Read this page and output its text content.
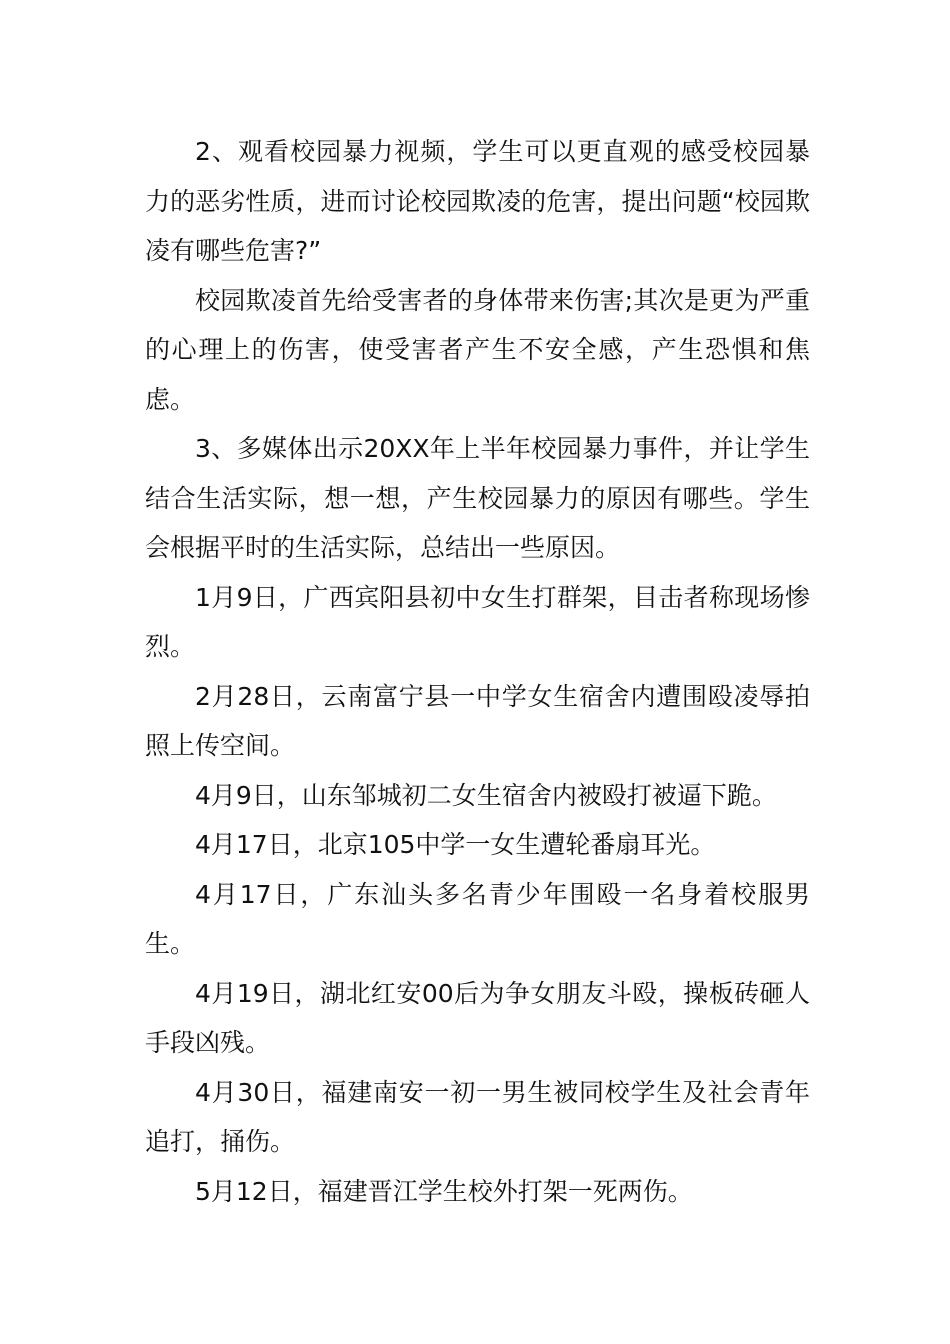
2、观看校园暴力视频，学生可以更直观的感受校园暴力的恶劣性质，进而讨论校园欺凌的危害，提出问题“校园欺凌有哪些危害?”

校园欺凌首先给受害者的身体带来伤害;其次是更为严重的心理上的伤害，使受害者产生不安全感，产生恐惧和焦虑。

3、多媒体出示20XX年上半年校园暴力事件，并让学生结合生活实际，想一想，产生校园暴力的原因有哪些。学生会根据平时的生活实际，总结出一些原因。

1月9日，广西宾阳县初中女生打群架，目击者称现场惨烈。

2月28日，云南富宁县一中学女生宿舍内遭围殴凌辱拍照上传空间。

4月9日，山东邹城初二女生宿舍内被殴打被逼下跪。

4月17日，北京105中学一女生遭轮番扇耳光。

4月17日，广东汕头多名青少年围殴一名身着校服男生。

4月19日，湖北红安00后为争女朋友斗殴，操板砖砸人手段凶残。

4月30日，福建南安一初一男生被同校学生及社会青年追打，捅伤。

5月12日，福建晋江学生校外打架一死两伤。
